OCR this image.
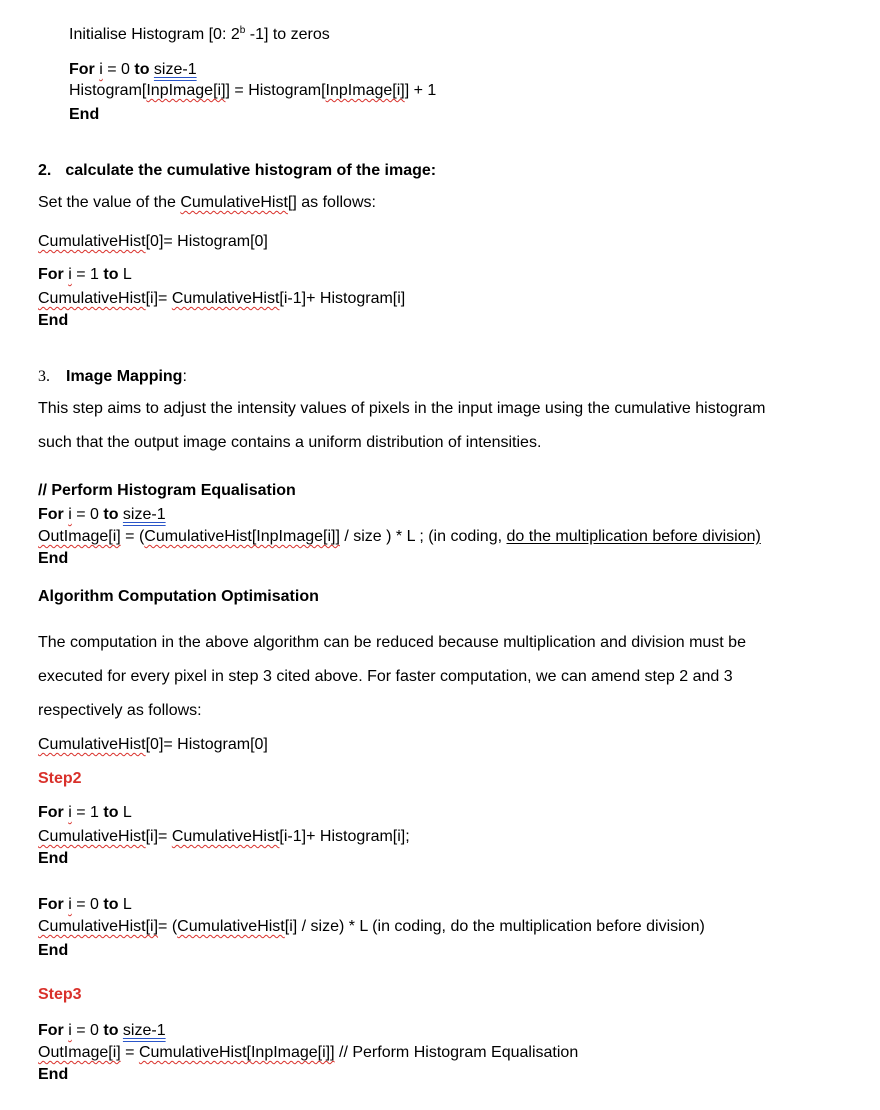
Initialise Histogram [0: 2$^b$ -1] to zeros
For i = 0 to size-1
Histogram[InpImage[i]] = Histogram[InpImage[i]] + 1
End
2. calculate the cumulative histogram of the image:
Set the value of the CumulativeHist[] as follows:
CumulativeHist[0]= Histogram[0]
For i = 1 to L
CumulativeHist[i]= CumulativeHist[i-1]+ Histogram[i]
End
3. Image Mapping:
This step aims to adjust the intensity values of pixels in the input image using the cumulative histogram
such that the output image contains a uniform distribution of intensities.
// Perform Histogram Equalisation
For i = 0 to size-1
OutImage[i] = (CumulativeHist[InpImage[i]] / size ) * L ; (in coding, do the multiplication before division)
End
Algorithm Computation Optimisation
The computation in the above algorithm can be reduced because multiplication and division must be
executed for every pixel in step 3 cited above. For faster computation, we can amend step 2 and 3
respectively as follows:
CumulativeHist[0]= Histogram[0]
Step2
For i = 1 to L
CumulativeHist[i]= CumulativeHist[i-1]+ Histogram[i];
End
For i = 0 to L
CumulativeHist[i]= (CumulativeHist[i] / size) * L (in coding, do the multiplication before division)
End
Step3
For i = 0 to size-1
OutImage[i] = CumulativeHist[InpImage[i]] // Perform Histogram Equalisation
End
